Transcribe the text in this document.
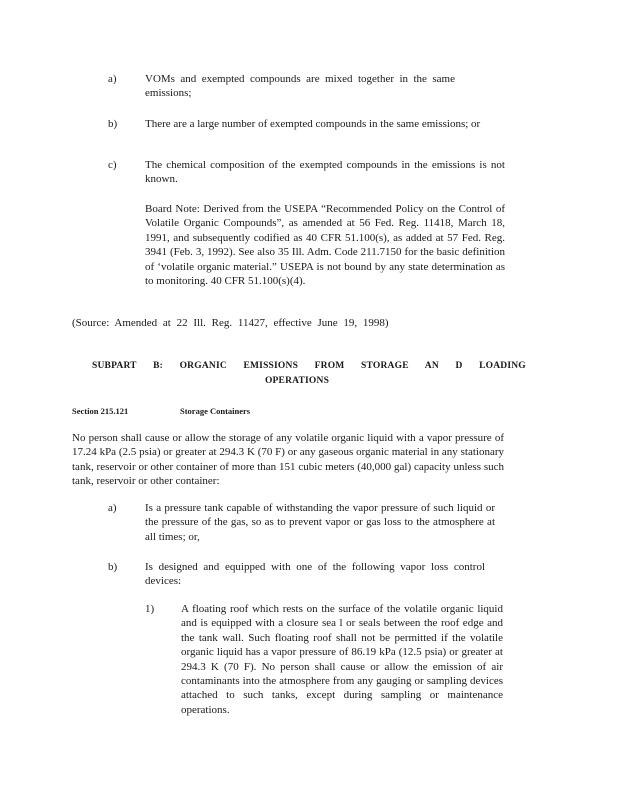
a)	VOMs and exempted compounds are mixed together in the same emissions;
b)	There are a large number of exempted compounds in the same emissions; or
c)	The chemical composition of the exempted compounds in the emissions is not known.
Board Note: Derived from the USEPA “Recommended Policy on the Control of Volatile Organic Compounds”, as amended at 56 Fed. Reg. 11418, March 18, 1991, and subsequently codified as 40 CFR 51.100(s), as added at 57 Fed. Reg. 3941 (Feb. 3, 1992). See also 35 Ill. Adm. Code 211.7150 for the basic definition of ‘volatile organic material.” USEPA is not bound by any state determination as to monitoring. 40 CFR 51.100(s)(4).
(Source: Amended at 22 Ill. Reg. 11427, effective June 19, 1998)
SUBPART B: ORGANIC EMISSIONS FROM STORAGE AN D LOADING
OPERATIONS
Section 215.121	Storage Containers
No person shall cause or allow the storage of any volatile organic liquid with a vapor pressure of 17.24 kPa (2.5 psia) or greater at 294.3 K (70 F) or any gaseous organic material in any stationary tank, reservoir or other container of more than 151 cubic meters (40,000 gal) capacity unless such tank, reservoir or other container:
a)	Is a pressure tank capable of withstanding the vapor pressure of such liquid or the pressure of the gas, so as to prevent vapor or gas loss to the atmosphere at all times; or,
b)	Is designed and equipped with one of the following vapor loss control devices:
1) A floating roof which rests on the surface of the volatile organic liquid and is equipped with a closure sea l or seals between the roof edge and the tank wall. Such floating roof shall not be permitted if the volatile organic liquid has a vapor pressure of 86.19 kPa (12.5 psia) or greater at 294.3 K (70 F). No person shall cause or allow the emission of air contaminants into the atmosphere from any gauging or sampling devices attached to such tanks, except during sampling or maintenance operations.
